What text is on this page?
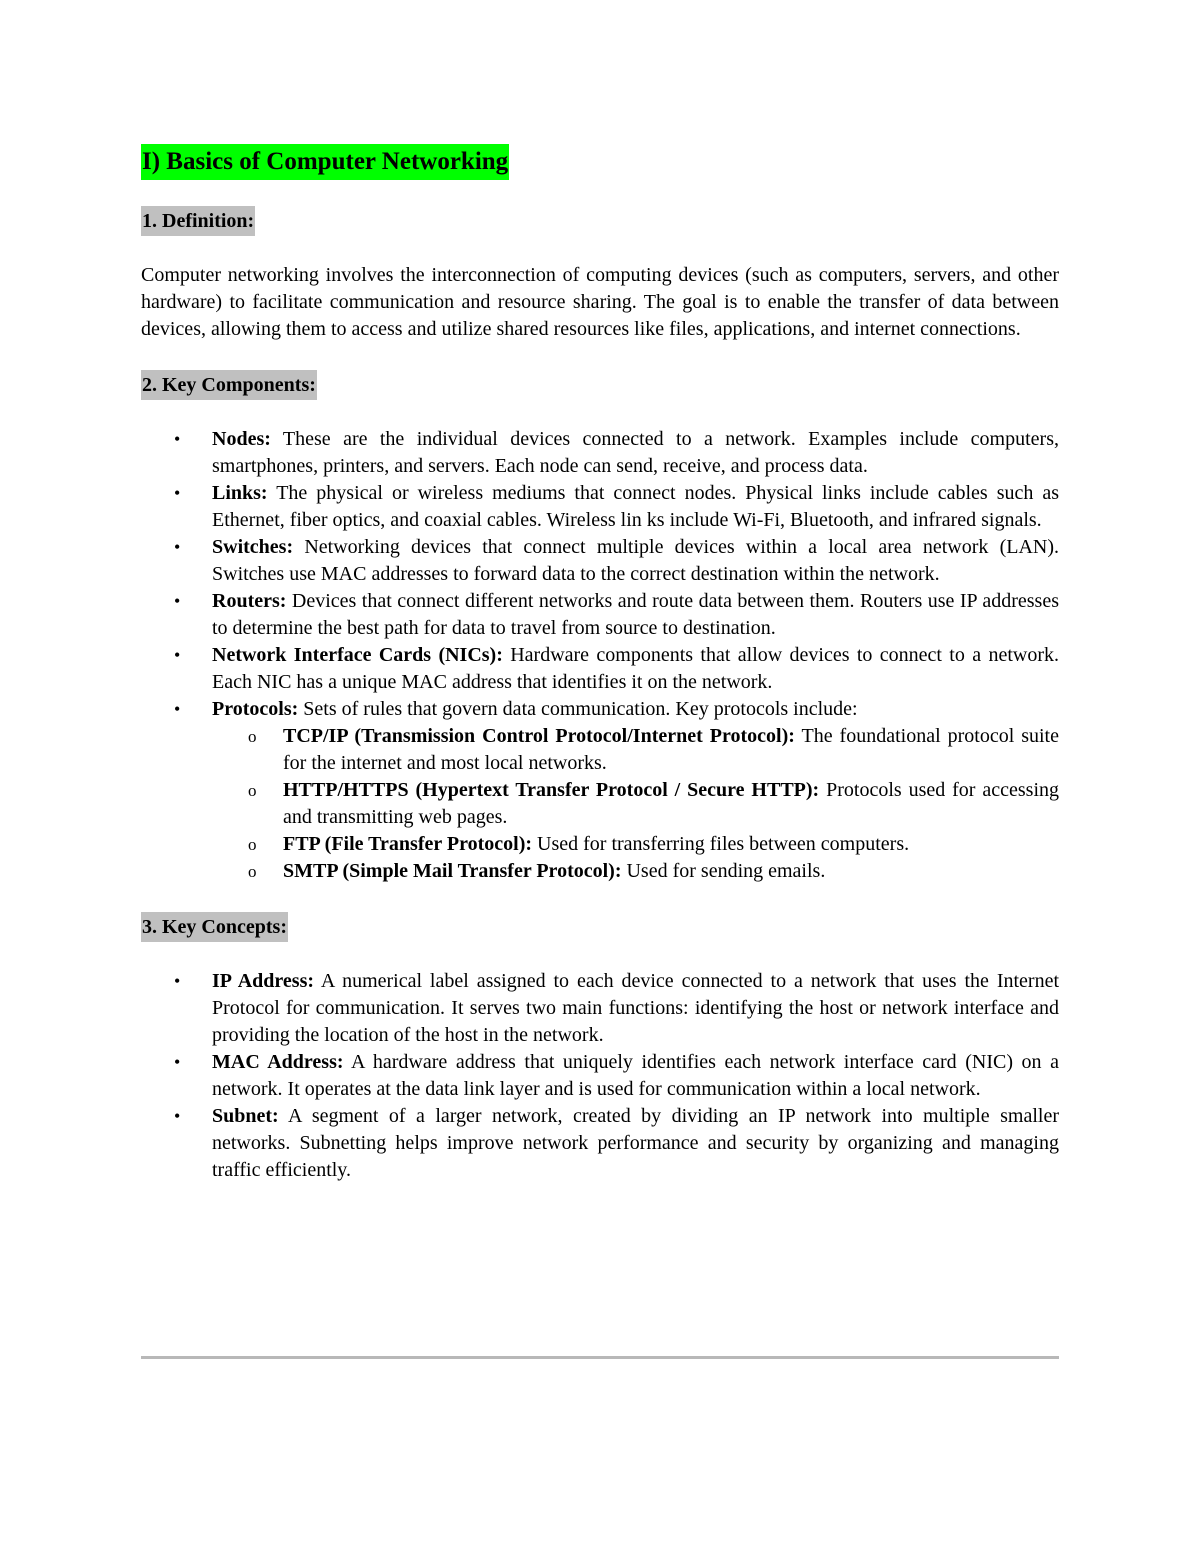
I) Basics of Computer Networking
1. Definition:

Computer networking involves the interconnection of computing devices (such as computers, servers, and other hardware) to facilitate communication and resource sharing. The goal is to enable the transfer of data between devices, allowing them to access and utilize shared resources like files, applications, and internet connections.

2. Key Components:
• Nodes: These are the individual devices connected to a network. Examples include computers, smartphones, printers, and servers. Each node can send, receive, and process data.
• Links: The physical or wireless mediums that connect nodes. Physical links include cables such as Ethernet, fiber optics, and coaxial cables. Wireless lin ks include Wi-Fi, Bluetooth, and infrared signals.
• Switches: Networking devices that connect multiple devices within a local area network (LAN). Switches use MAC addresses to forward data to the correct destination within the network.
• Routers: Devices that connect different networks and route data between them. Routers use IP addresses to determine the best path for data to travel from source to destination.
• Network Interface Cards (NICs): Hardware components that allow devices to connect to a network. Each NIC has a unique MAC address that identifies it on the network.
• Protocols: Sets of rules that govern data communication. Key protocols include:
o TCP/IP (Transmission Control Protocol/Internet Protocol): The foundational protocol suite for the internet and most local networks.
o HTTP/HTTPS (Hypertext Transfer Protocol / Secure HTTP): Protocols used for accessing and transmitting web pages.
o FTP (File Transfer Protocol): Used for transferring files between computers.
o SMTP (Simple Mail Transfer Protocol): Used for sending emails.
3. Key Concepts:
• IP Address: A numerical label assigned to each device connected to a network that uses the Internet Protocol for communication. It serves two main functions: identifying the host or network interface and providing the location of the host in the network.
• MAC Address: A hardware address that uniquely identifies each network interface card (NIC) on a network. It operates at the data link layer and is used for communication within a local network.
• Subnet: A segment of a larger network, created by dividing an IP network into multiple smaller networks. Subnetting helps improve network performance and security by organizing and managing traffic efficiently.
